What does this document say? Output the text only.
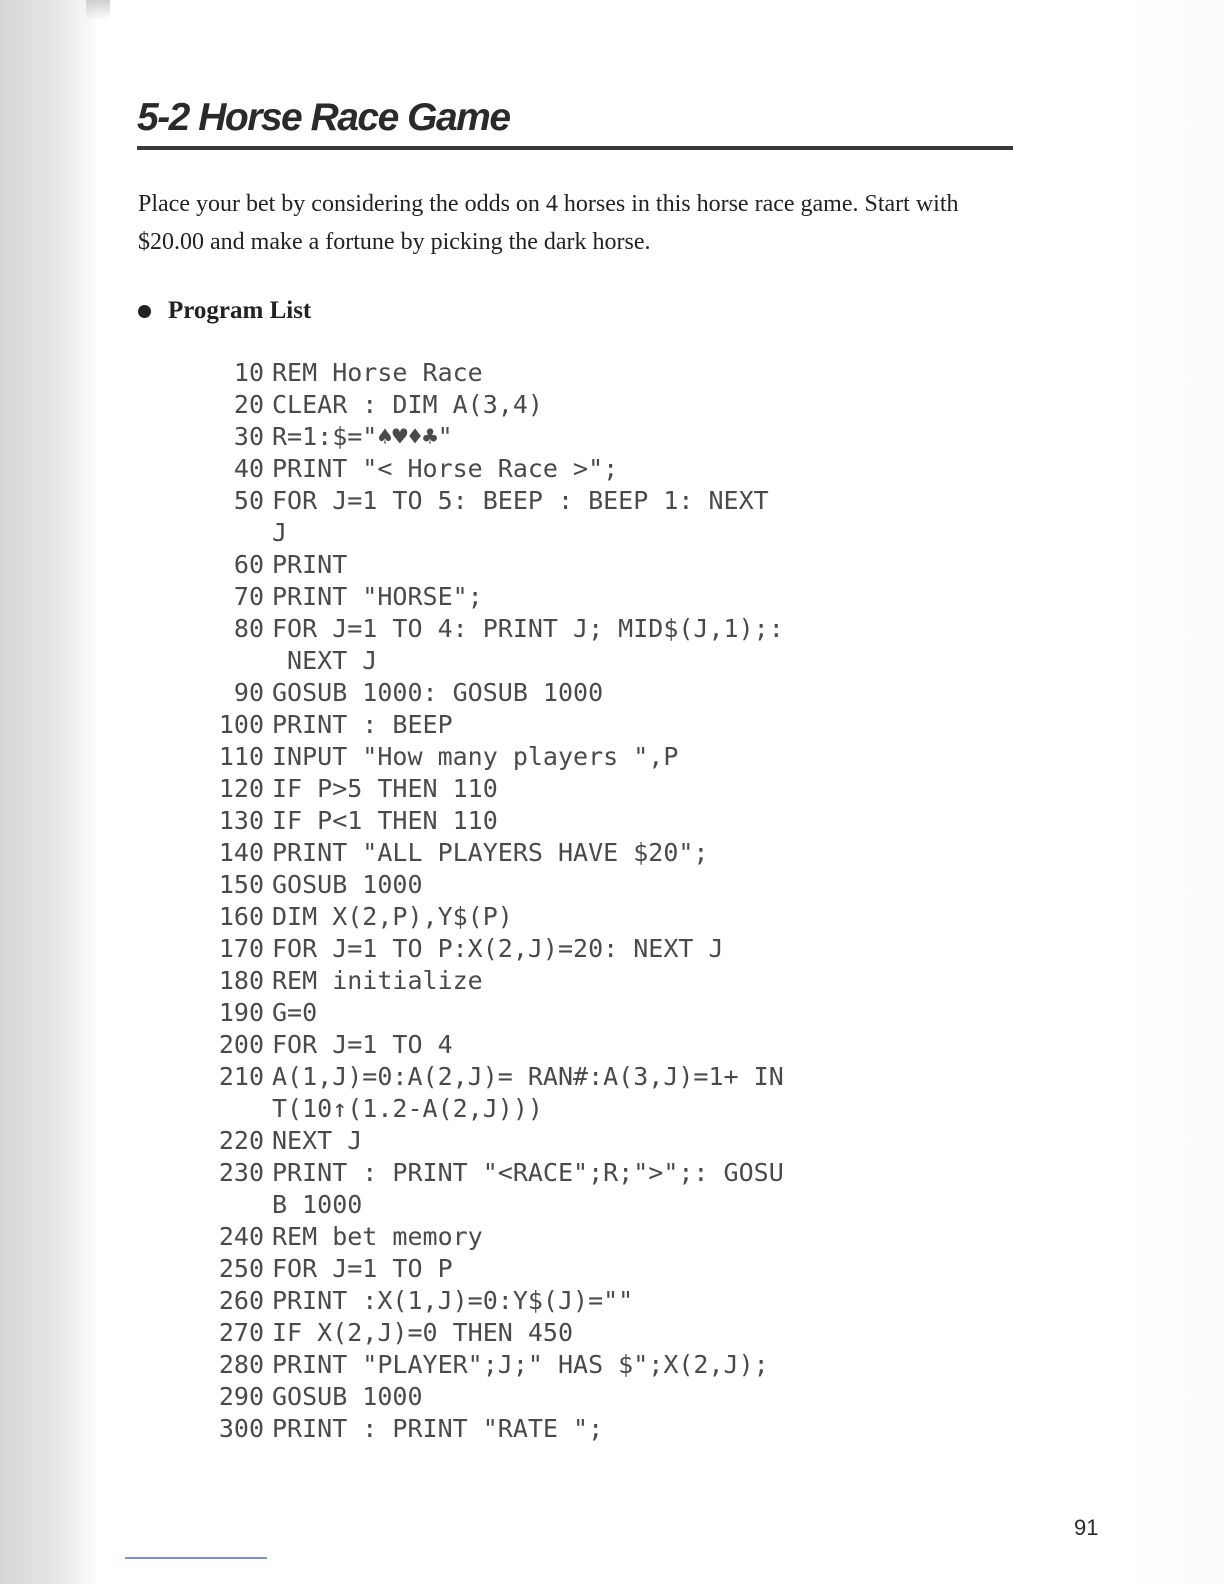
5-2 Horse Race Game

Place your bet by considering the odds on 4 horses in this horse race game. Start with $20.00 and make a fortune by picking the dark horse.

Program List
10 REM Horse Race
20 CLEAR : DIM A(3,4)
30 R=1:$="♠♥♦♣"
40 PRINT "< Horse Race >";
50 FOR J=1 TO 5: BEEP : BEEP 1: NEXT
J
60 PRINT
70 PRINT "HORSE";
80 FOR J=1 TO 4: PRINT J; MID$(J,1);:
NEXT J
90 GOSUB 1000: GOSUB 1000
100 PRINT : BEEP
110 INPUT "How many players ",P
120 IF P>5 THEN 110
130 IF P<1 THEN 110
140 PRINT "ALL PLAYERS HAVE $20";
150 GOSUB 1000
160 DIM X(2,P),Y$(P)
170 FOR J=1 TO P:X(2,J)=20: NEXT J
180 REM initialize
190 G=0
200 FOR J=1 TO 4
210 A(1,J)=0:A(2,J)= RAN#:A(3,J)=1+ IN
T(10↑(1.2-A(2,J)))
220 NEXT J
230 PRINT : PRINT "<RACE";R;">";: GOSU
B 1000
240 REM bet memory
250 FOR J=1 TO P
260 PRINT :X(1,J)=0:Y$(J)=""
270 IF X(2,J)=0 THEN 450
280 PRINT "PLAYER";J;" HAS $";X(2,J);
290 GOSUB 1000
300 PRINT : PRINT "RATE ";
91
